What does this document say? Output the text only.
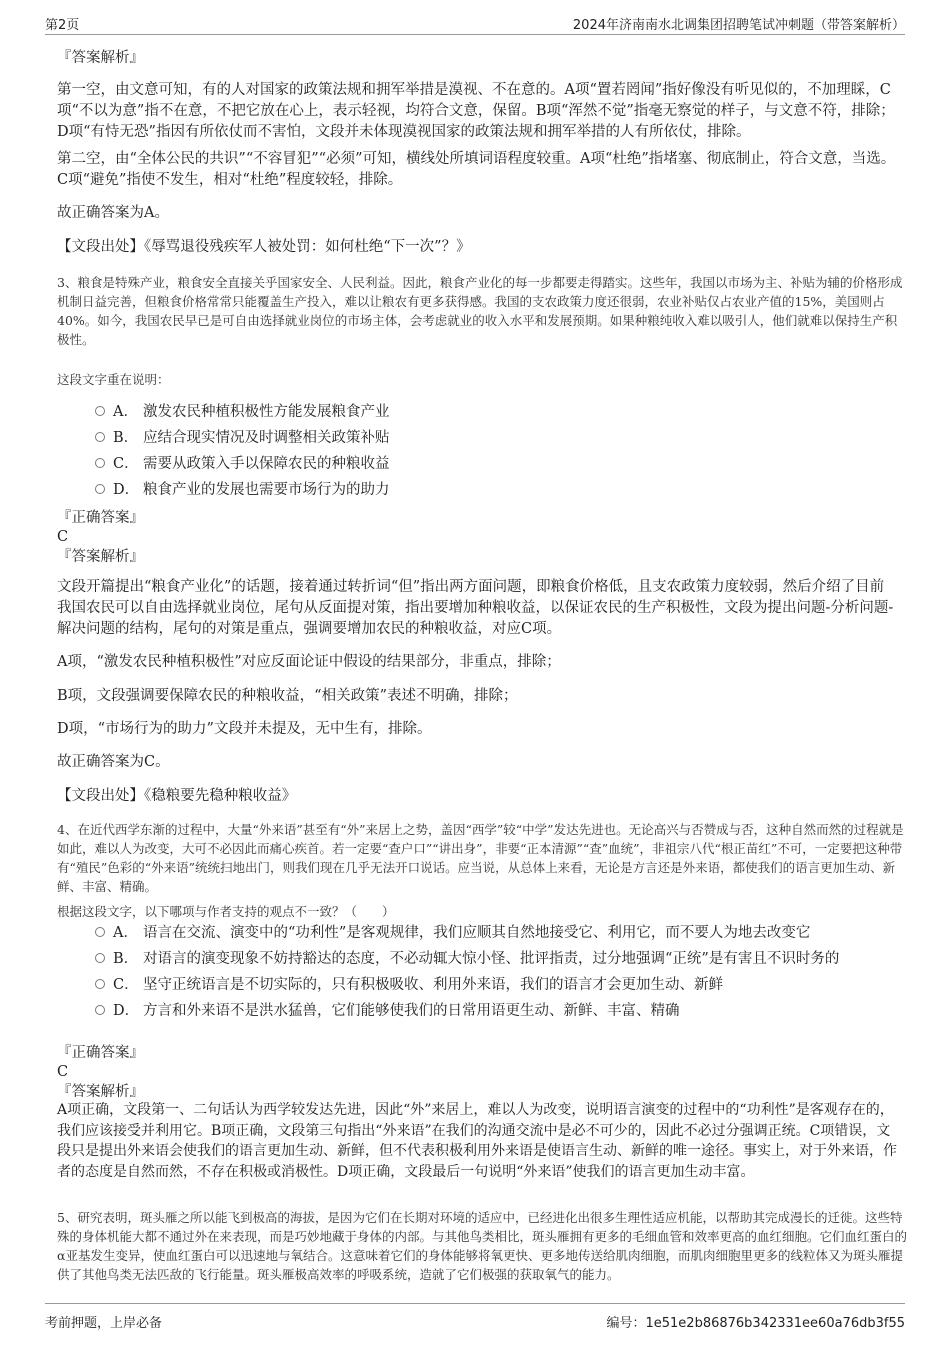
第2页	2024年济南南水北调集团招聘笔试冲刺题（带答案解析）
『答案解析』

第一空，由文意可知，有的人对国家的政策法规和拥军举措是漠视、不在意的。A项“置若罔闻”指好像没有听见似的，不加理睬，C项“不以为意”指不在意，不把它放在心上，表示轻视，均符合文意，保留。B项“浑然不觉”指毫无察觉的样子，与文意不符，排除；D项“有恃无恐”指因有所依仗而不害怕，文段并未体现漠视国家的政策法规和拥军举措的人有所依仗，排除。

第二空，由“全体公民的共识”“不容冒犯”“必须”可知，横线处所填词语程度较重。A项“杜绝”指堵塞、彻底制止，符合文意，当选。C项“避免”指使不发生，相对“杜绝”程度较轻，排除。

故正确答案为A。
【文段出处】《辱骂退役残疾军人被处罚：如何杜绝“下一次”？》

3、粮食是特殊产业，粮食安全直接关乎国家安全、人民利益。因此，粮食产业化的每一步都要走得踏实。这些年，我国以市场为主、补贴为辅的价格形成机制日益完善，但粮食价格常常只能覆盖生产投入，难以让粮农有更多获得感。我国的支农政策力度还很弱，农业补贴仅占农业产值的15%，美国则占40%。如今，我国农民早已是可自由选择就业岗位的市场主体，会考虑就业的收入水平和发展预期。如果种粮纯收入难以吸引人，他们就难以保持生产积极性。

这段文字重在说明：
A． 激发农民种植积极性方能发展粮食产业
B． 应结合现实情况及时调整相关政策补贴
C． 需要从政策入手以保障农民的种粮收益
D． 粮食产业的发展也需要市场行为的助力
『正确答案』
C
『答案解析』

文段开篇提出“粮食产业化”的话题，接着通过转折词“但”指出两方面问题，即粮食价格低，且支农政策力度较弱，然后介绍了目前我国农民可以自由选择就业岗位，尾句从反面提对策，指出要增加种粮收益，以保证农民的生产积极性，文段为提出问题-分析问题-解决问题的结构，尾句的对策是重点，强调要增加农民的种粮收益，对应C项。

A项，“激发农民种植积极性”对应反面论证中假设的结果部分，非重点，排除；
B项，文段强调要保障农民的种粮收益，“相关政策”表述不明确，排除；
D项，“市场行为的助力”文段并未提及，无中生有，排除。
故正确答案为C。
【文段出处】《稳粮要先稳种粮收益》

4、在近代西学东渐的过程中，大量“外来语”甚至有“外”来居上之势，盖因“西学”较“中学”发达先进也。无论高兴与否赞成与否，这种自然而然的过程就是如此，难以人为改变，大可不必因此而痛心疾首。若一定要“查户口”“讲出身”，非要“正本清源”“查”血统”，非祖宗八代“根正苗红”不可，一定要把这种带有“殖民”色彩的“外来语”统统扫地出门，则我们现在几乎无法开口说话。应当说，从总体上来看，无论是方言还是外来语，都使我们的语言更加生动、新鲜、丰富、精确。

根据这段文字，以下哪项与作者支持的观点不一致？（　　）
A． 语言在交流、演变中的“功利性”是客观规律，我们应顺其自然地接受它、利用它，而不要人为地去改变它
B． 对语言的演变现象不妨持豁达的态度，不必动辄大惊小怪、批评指责，过分地强调“正统”是有害且不识时务的
C． 坚守正统语言是不切实际的，只有积极吸收、利用外来语，我们的语言才会更加生动、新鲜
D． 方言和外来语不是洪水猛兽，它们能够使我们的日常用语更生动、新鲜、丰富、精确
『正确答案』
C
『答案解析』

A项正确，文段第一、二句话认为西学较发达先进，因此“外”来居上，难以人为改变，说明语言演变的过程中的“功利性”是客观存在的，我们应该接受并利用它。B项正确，文段第三句指出“外来语”在我们的沟通交流中是必不可少的，因此不必过分强调正统。C项错误，文段只是提出外来语会使我们的语言更加生动、新鲜，但不代表积极利用外来语是使语言生动、新鲜的唯一途径。事实上，对于外来语，作者的态度是自然而然，不存在积极或消极性。D项正确，文段最后一句说明“外来语”使我们的语言更加生动丰富。

5、研究表明，斑头雁之所以能飞到极高的海拔，是因为它们在长期对环境的适应中，已经进化出很多生理性适应机能，以帮助其完成漫长的迁徙。这些特殊的身体机能大都不通过外在来表现，而是巧妙地藏于身体的内部。与其他鸟类相比，斑头雁拥有更多的毛细血管和效率更高的血红细胞。它们血红蛋白的α亚基发生变异，使血红蛋白可以迅速地与氧结合。这意味着它们的身体能够将氧更快、更多地传送给肌肉细胞，而肌肉细胞里更多的线粒体又为斑头雁提供了其他鸟类无法匹敌的飞行能量。斑头雁极高效率的呼吸系统，造就了它们极强的获取氧气的能力。

考前押题，上岸必备	编号：1e51e2b86876b342331ee60a76db3f55
